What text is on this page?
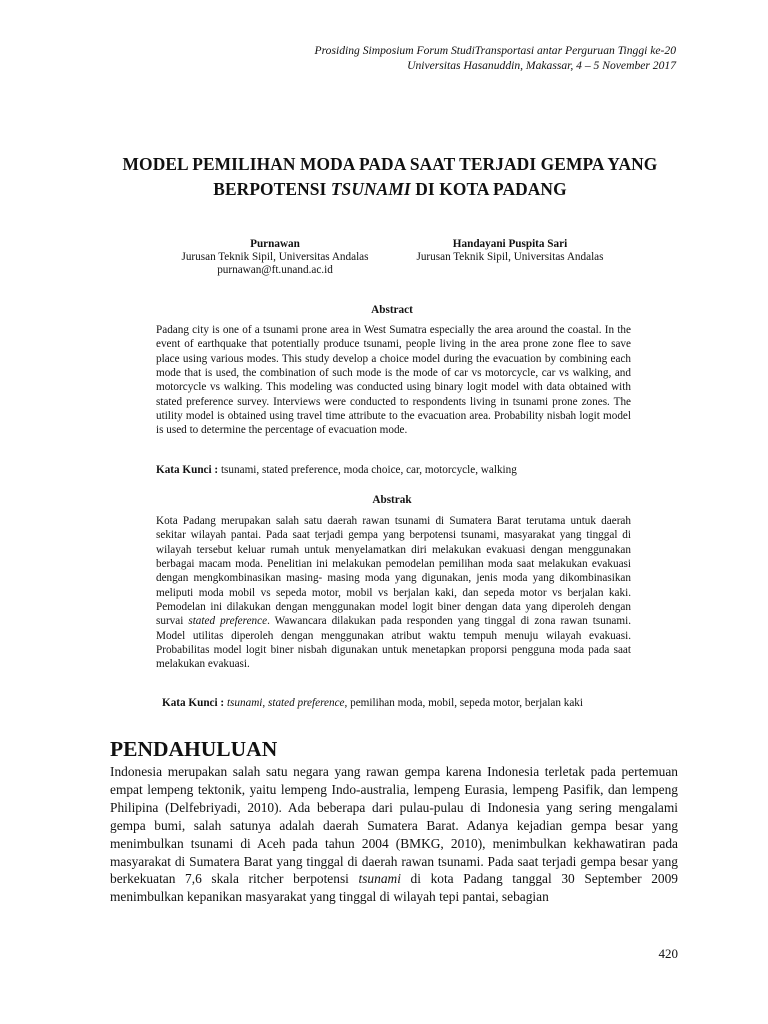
Prosiding Simposium Forum StudiTransportasi antar Perguruan Tinggi ke-20
Universitas Hasanuddin, Makassar, 4 – 5 November 2017
MODEL PEMILIHAN MODA PADA SAAT TERJADI GEMPA YANG BERPOTENSI TSUNAMI DI KOTA PADANG
Purnawan
Jurusan Teknik Sipil, Universitas Andalas
purnawan@ft.unand.ac.id
Handayani Puspita Sari
Jurusan Teknik Sipil, Universitas Andalas
Abstract
Padang city is one of a tsunami prone area in West Sumatra especially the area around the coastal. In the event of earthquake that potentially produce tsunami, people living in the area prone zone flee to save place using various modes. This study develop a choice model during the evacuation by combining each mode that is used, the combination of such mode is the mode of car vs motorcycle, car vs walking, and motorcycle vs walking. This modeling was conducted using binary logit model with data obtained with stated preference survey. Interviews were conducted to respondents living in tsunami prone zones. The utility model is obtained using travel time attribute to the evacuation area. Probability nisbah logit model is used to determine the percentage of evacuation mode.
Kata Kunci : tsunami, stated preference, moda choice, car, motorcycle, walking
Abstrak
Kota Padang merupakan salah satu daerah rawan tsunami di Sumatera Barat terutama untuk daerah sekitar wilayah pantai. Pada saat terjadi gempa yang berpotensi tsunami, masyarakat yang tinggal di wilayah tersebut keluar rumah untuk menyelamatkan diri melakukan evakuasi dengan menggunakan berbagai macam moda. Penelitian ini melakukan pemodelan pemilihan moda saat melakukan evakuasi dengan mengkombinasikan masing- masing moda yang digunakan, jenis moda yang dikombinasikan meliputi moda mobil vs sepeda motor, mobil vs berjalan kaki, dan sepeda motor vs berjalan kaki. Pemodelan ini dilakukan dengan menggunakan model logit biner dengan data yang diperoleh dengan survai stated preference. Wawancara dilakukan pada responden yang tinggal di zona rawan tsunami. Model utilitas diperoleh dengan menggunakan atribut waktu tempuh menuju wilayah evakuasi. Probabilitas model logit biner nisbah digunakan untuk menetapkan proporsi pengguna moda pada saat melakukan evakuasi.
Kata Kunci : tsunami, stated preference, pemilihan moda, mobil, sepeda motor, berjalan kaki
PENDAHULUAN
Indonesia merupakan salah satu negara yang rawan gempa karena Indonesia terletak pada pertemuan empat lempeng tektonik, yaitu lempeng Indo-australia, lempeng Eurasia, lempeng Pasifik, dan lempeng Philipina (Delfebriyadi, 2010). Ada beberapa dari pulau-pulau di Indonesia yang sering mengalami gempa bumi, salah satunya adalah daerah Sumatera Barat. Adanya kejadian gempa besar yang menimbulkan tsunami di Aceh pada tahun 2004 (BMKG, 2010), menimbulkan kekhawatiran pada masyarakat di Sumatera Barat yang tinggal di daerah rawan tsunami. Pada saat terjadi gempa besar yang berkekuatan 7,6 skala ritcher berpotensi tsunami di kota Padang tanggal 30 September 2009 menimbulkan kepanikan masyarakat yang tinggal di wilayah tepi pantai, sebagian
420
